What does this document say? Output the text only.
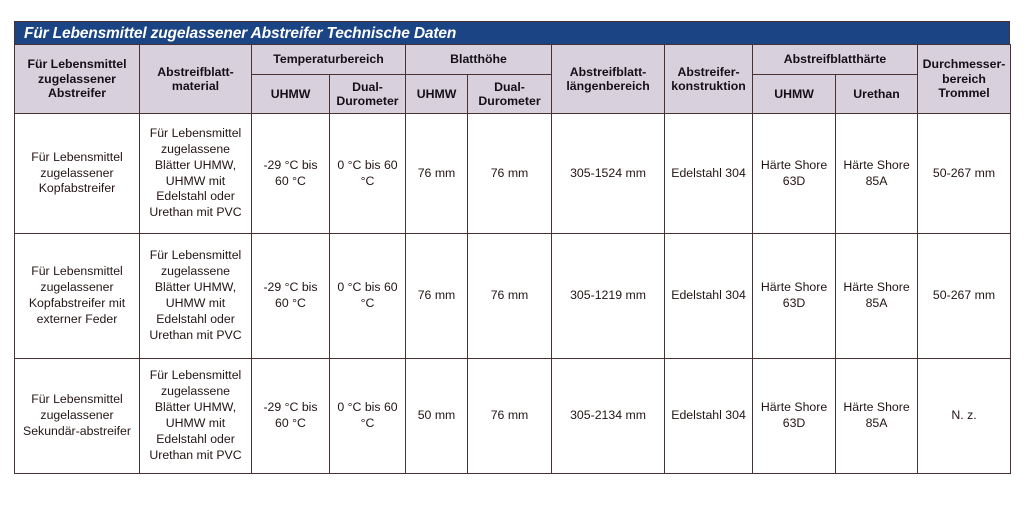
Für Lebensmittel zugelassener Abstreifer Technische Daten
Für Lebensmittel zugelassener Abstreifer	Abstreifblatt-material	Temperaturbereich		Blatthöhe		Abstreifblatt-längenbereich	Abstreifer-konstruktion	Abstreifblatthärte		Durchmesser-bereich Trommel
		UHMW	Dual-Durometer	UHMW	Dual-Durometer			UHMW	Urethan	
Für Lebensmittel zugelassener Kopfabstreifer	Für Lebensmittel zugelassene Blätter UHMW, UHMW mit Edelstahl oder Urethan mit PVC	-29 °C bis 60 °C	0 °C bis 60 °C	76 mm	76 mm	305-1524 mm	Edelstahl 304	Härte Shore 63D	Härte Shore 85A	50-267 mm
Für Lebensmittel zugelassener Kopfabstreifer mit externer Feder	Für Lebensmittel zugelassene Blätter UHMW, UHMW mit Edelstahl oder Urethan mit PVC	-29 °C bis 60 °C	0 °C bis 60 °C	76 mm	76 mm	305-1219 mm	Edelstahl 304	Härte Shore 63D	Härte Shore 85A	50-267 mm
Für Lebensmittel zugelassener Sekundär-abstreifer	Für Lebensmittel zugelassene Blätter UHMW, UHMW mit Edelstahl oder Urethan mit PVC	-29 °C bis 60 °C	0 °C bis 60 °C	50 mm	76 mm	305-2134 mm	Edelstahl 304	Härte Shore 63D	Härte Shore 85A	N. z.
